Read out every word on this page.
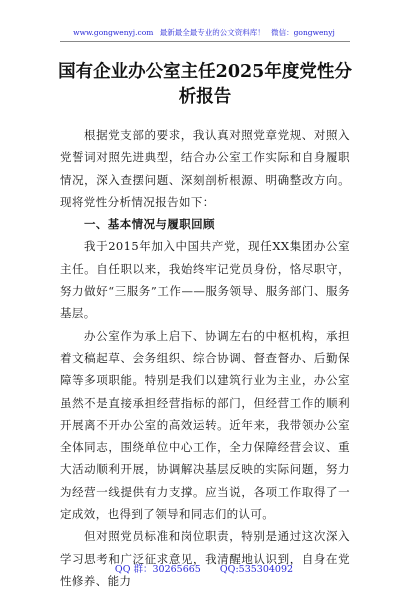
www.gongwenyj.com 最新最全最专业的公文资料库！ 微信：gongwenyj
国有企业办公室主任2025年度党性分析报告

根据党支部的要求，我认真对照党章党规、对照入党誓词对照先进典型，结合办公室工作实际和自身履职情况，深入查摆问题、深刻剖析根源、明确整改方向。现将党性分析情况报告如下：

一、基本情况与履职回顾

我于2015年加入中国共产党，现任XX集团办公室主任。自任职以来，我始终牢记党员身份，恪尽职守，努力做好“三服务”工作——服务领导、服务部门、服务基层。

办公室作为承上启下、协调左右的中枢机构，承担着文稿起草、会务组织、综合协调、督查督办、后勤保障等多项职能。特别是我们以建筑行业为主业，办公室虽然不是直接承担经营指标的部门，但经营工作的顺利开展离不开办公室的高效运转。近年来，我带领办公室全体同志，围绕单位中心工作，全力保障经营会议、重大活动顺利开展，协调解决基层反映的实际问题，努力为经营一线提供有力支撑。应当说，各项工作取得了一定成效，也得到了领导和同志们的认可。

但对照党员标准和岗位职责，特别是通过这次深入学习思考和广泛征求意见，我清醒地认识到，自身在党性修养、能力

QQ 群：30265665 QQ:535304092
